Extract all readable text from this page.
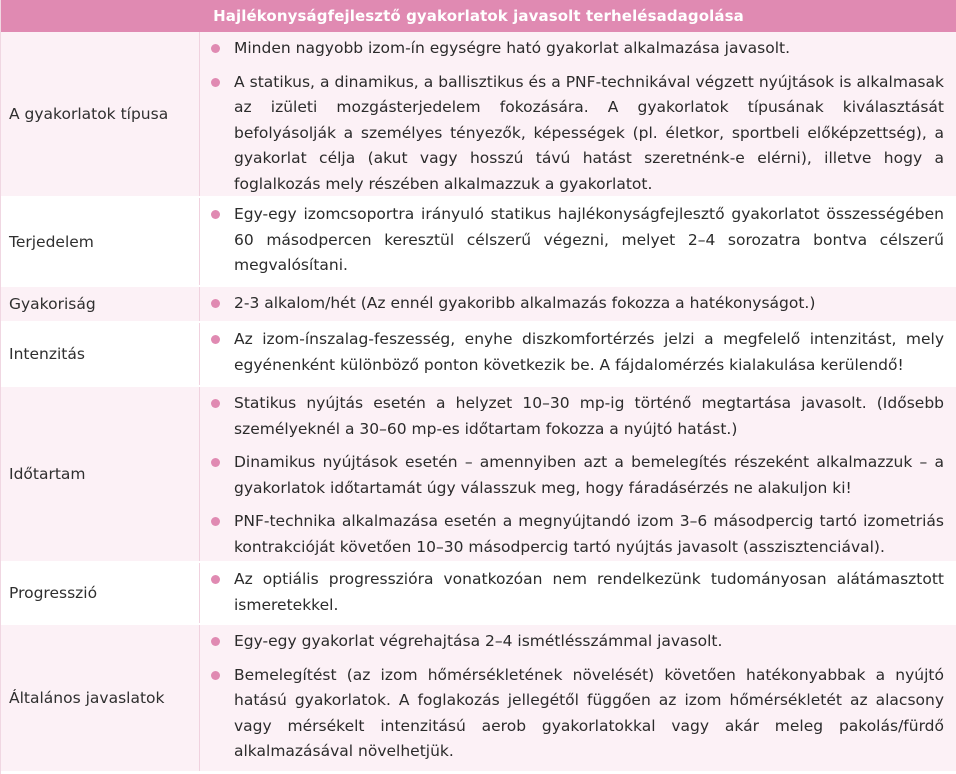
Hajlékonyságfejlesztő gyakorlatok javasolt terhelésadagolása
A gyakorlatok típusa
Minden nagyobb izom-ín egységre ható gyakorlat alkalmazása javasolt.
A statikus, a dinamikus, a ballisztikus és a PNF-technikával végzett nyújtások is alkalmasak az izületi mozgásterjedelem fokozására. A gyakorlatok típusának kiválasztását befolyásolják a személyes tényezők, képességek (pl. életkor, sportbeli előképzettség), a gyakorlat célja (akut vagy hosszú távú hatást szeretnénk-e elérni), illetve hogy a foglalkozás mely részében alkalmazzuk a gyakorlatot.
Terjedelem
Egy-egy izomcsoportra irányuló statikus hajlékonyságfejlesztő gyakorlatot összességében 60 másodpercen keresztül célszerű végezni, melyet 2–4 sorozatra bontva célszerű megvalósítani.
Gyakoriság	2-3 alkalom/hét (Az ennél gyakoribb alkalmazás fokozza a hatékonyságot.)
Intenzitás
Az izom-ínszalag-feszesség, enyhe diszkomfortérzés jelzi a megfelelő intenzitást, mely egyénenként különböző ponton következik be. A fájdalomérzés kialakulása kerülendő!
Időtartam
Statikus nyújtás esetén a helyzet 10–30 mp-ig történő megtartása javasolt. (Idősebb személyeknél a 30–60 mp-es időtartam fokozza a nyújtó hatást.)
Dinamikus nyújtások esetén – amennyiben azt a bemelegítés részeként alkalmazzuk – a gyakorlatok időtartamát úgy válasszuk meg, hogy fáradásérzés ne alakuljon ki!
PNF-technika alkalmazása esetén a megnyújtandó izom 3–6 másodpercig tartó izometriás kontrakcióját követően 10–30 másodpercig tartó nyújtás javasolt (asszisztenciával).
Progresszió
Az optiális progresszióra vonatkozóan nem rendelkezünk tudományosan alátámasztott ismeretekkel.
Általános javaslatok
Egy-egy gyakorlat végrehajtása 2–4 ismétlésszámmal javasolt.
Bemelegítést (az izom hőmérsékletének növelését) követően hatékonyabbak a nyújtó hatású gyakorlatok. A foglakozás jellegétől függően az izom hőmérsékletét az alacsony vagy mérsékelt intenzitású aerob gyakorlatokkal vagy akár meleg pakolás/fürdő alkalmazásával növelhetjük.
